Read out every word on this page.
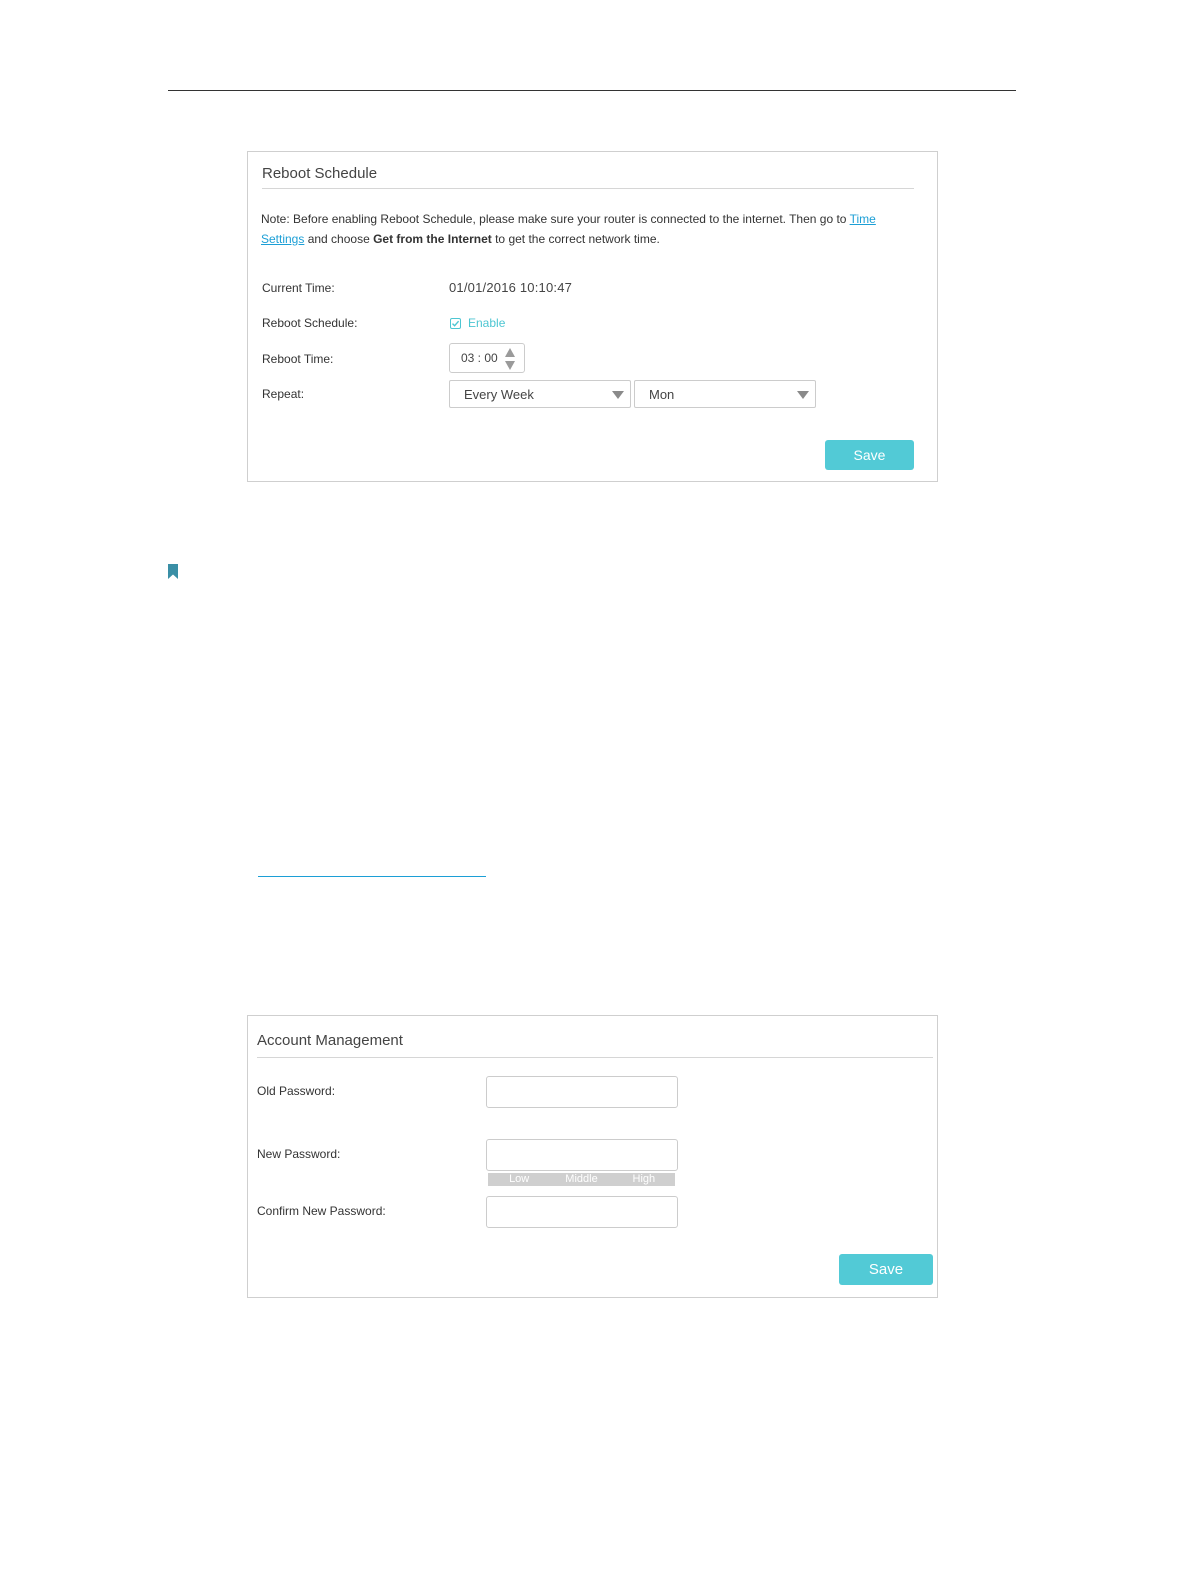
Reboot Schedule
Note: Before enabling Reboot Schedule, please make sure your router is connected to the internet. Then go to Time
Settings and choose Get from the Internet to get the correct network time.
Current Time:	01/01/2016 10:10:47
Reboot Schedule:	Enable
Reboot Time:	03 : 00
Repeat:	Every Week	Mon
Save
Account Management
Old Password:
New Password:
Low	Middle	High
Confirm New Password:
Save
